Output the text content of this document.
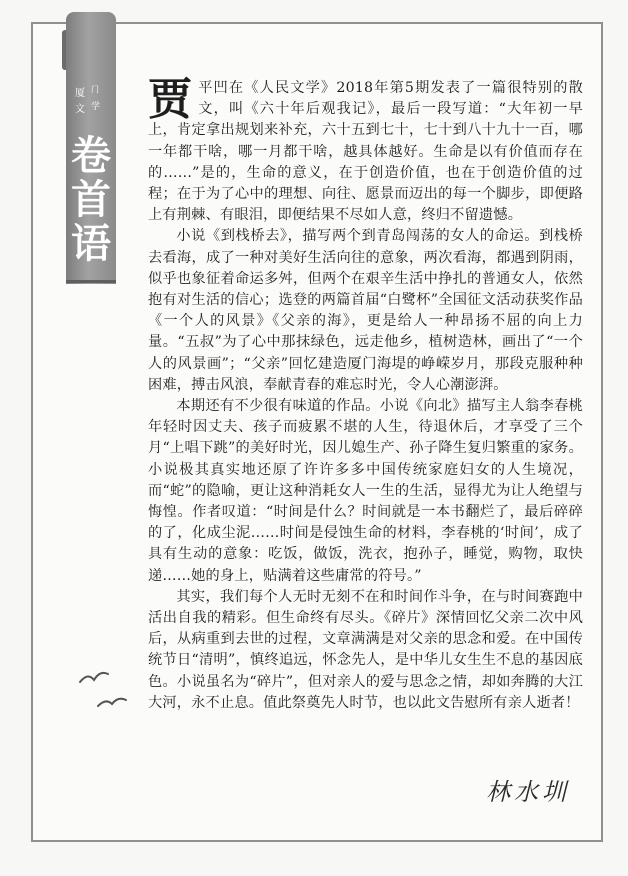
厦 门
文 学
卷
首
语

贾平凹在《人民文学》2018年第5期发表了一篇很特别的散文，叫《六十年后观我记》，最后一段写道：“大年初一早上，肯定拿出规划来补充，六十五到七十，七十到八十九十一百，哪一年都干啥，哪一月都干啥，越具体越好。生命是以有价值而存在的……”是的，生命的意义，在于创造价值，也在于创造价值的过程；在于为了心中的理想、向往、愿景而迈出的每一个脚步，即便路上有荆棘、有眼泪，即便结果不尽如人意，终归不留遗憾。

小说《到栈桥去》，描写两个到青岛闯荡的女人的命运。到栈桥去看海，成了一种对美好生活向往的意象，两次看海，都遇到阴雨，似乎也象征着命运多舛，但两个在艰辛生活中挣扎的普通女人，依然抱有对生活的信心；选登的两篇首届“白鹭杯”全国征文活动获奖作品《一个人的风景》《父亲的海》，更是给人一种昂扬不屈的向上力量。“五叔”为了心中那抹绿色，远走他乡，植树造林，画出了“一个人的风景画”；“父亲”回忆建造厦门海堤的峥嵘岁月，那段克服种种困难，搏击风浪，奉献青春的难忘时光，令人心潮澎湃。

本期还有不少很有味道的作品。小说《向北》描写主人翁李春桃年轻时因丈夫、孩子而疲累不堪的人生，待退休后，才享受了三个月“上唱下跳”的美好时光，因儿媳生产、孙子降生复归繁重的家务。小说极其真实地还原了许许多多中国传统家庭妇女的人生境况，而“蛇”的隐喻，更让这种消耗女人一生的生活，显得尤为让人绝望与悔惶。作者叹道：“时间是什么？时间就是一本书翻烂了，最后碎碎的了，化成尘泥……时间是侵蚀生命的材料，李春桃的‘时间’，成了具有生动的意象：吃饭，做饭，洗衣，抱孙子，睡觉，购物，取快递……她的身上，贴满着这些庸常的符号。”

其实，我们每个人无时无刻不在和时间作斗争，在与时间赛跑中活出自我的精彩。但生命终有尽头。《碎片》深情回忆父亲二次中风后，从病重到去世的过程，文章满满是对父亲的思念和爱。在中国传统节日“清明”，慎终追远，怀念先人，是中华儿女生生不息的基因底色。小说虽名为“碎片”，但对亲人的爱与思念之情，却如奔腾的大江大河，永不止息。值此祭奠先人时节，也以此文告慰所有亲人逝者！

林水圳
